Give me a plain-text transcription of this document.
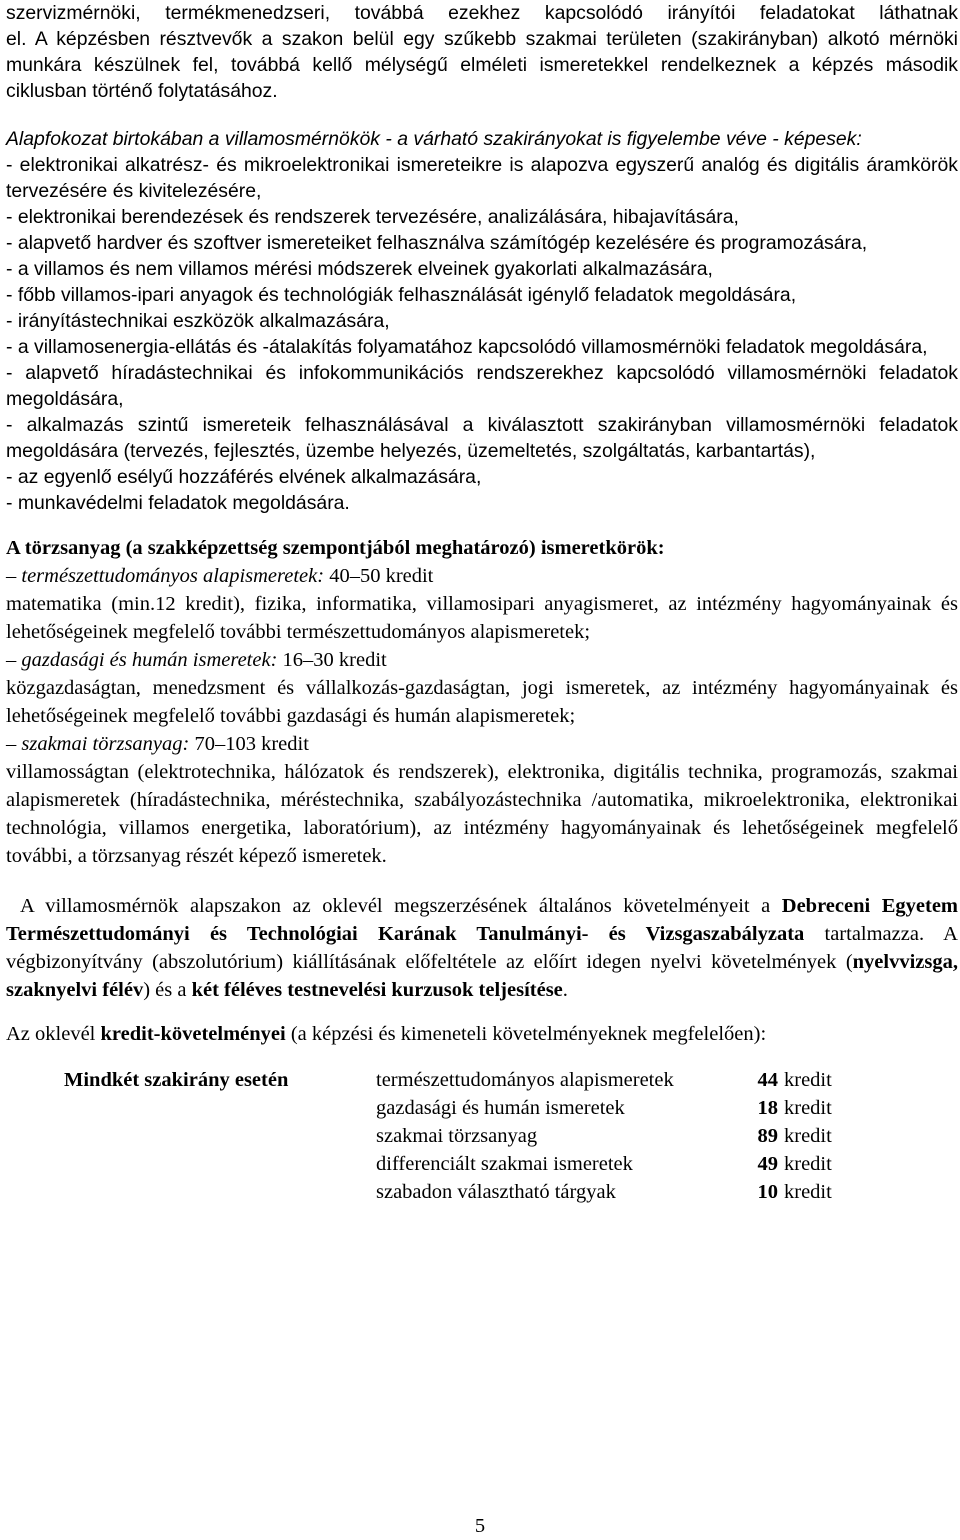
szervizmérnöki, termékmenedzseri, továbbá ezekhez kapcsolódó irányítói feladatokat láthatnak

el. A képzésben résztvevők a szakon belül egy szűkebb szakmai területen (szakirányban) alkotó mérnöki munkára készülnek fel, továbbá kellő mélységű elméleti ismeretekkel rendelkeznek a képzés második ciklusban történő folytatásához.

Alapfokozat birtokában a villamosmérnökök - a várható szakirányokat is figyelembe véve - képesek:

- elektronikai alkatrész- és mikroelektronikai ismereteikre is alapozva egyszerű analóg és digitális áramkörök tervezésére és kivitelezésére,
- elektronikai berendezések és rendszerek tervezésére, analizálására, hibajavítására,
- alapvető hardver és szoftver ismereteiket felhasználva számítógép kezelésére és programozására,
- a villamos és nem villamos mérési módszerek elveinek gyakorlati alkalmazására,
- főbb villamos-ipari anyagok és technológiák felhasználását igénylő feladatok megoldására,
- irányítástechnikai eszközök alkalmazására,
- a villamosenergia-ellátás és -átalakítás folyamatához kapcsolódó villamosmérnöki feladatok megoldására,
- alapvető híradástechnikai és infokommunikációs rendszerekhez kapcsolódó villamosmérnöki feladatok megoldására,
- alkalmazás szintű ismereteik felhasználásával a kiválasztott szakirányban villamosmérnöki feladatok megoldására (tervezés, fejlesztés, üzembe helyezés, üzemeltetés, szolgáltatás, karbantartás),
- az egyenlő esélyű hozzáférés elvének alkalmazására,
- munkavédelmi feladatok megoldására.

A törzsanyag (a szakképzettség szempontjából meghatározó) ismeretkörök:

– természettudományos alapismeretek: 40–50 kredit

matematika (min.12 kredit), fizika, informatika, villamosipari anyagismeret, az intézmény hagyományainak és lehetőségeinek megfelelő további természettudományos alapismeretek;

– gazdasági és humán ismeretek: 16–30 kredit

közgazdaságtan, menedzsment és vállalkozás-gazdaságtan, jogi ismeretek, az intézmény hagyományainak és lehetőségeinek megfelelő további gazdasági és humán alapismeretek;

– szakmai törzsanyag: 70–103 kredit

villamosságtan (elektrotechnika, hálózatok és rendszerek), elektronika, digitális technika, programozás, szakmai alapismeretek (híradástechnika, méréstechnika, szabályozástechnika /automatika, mikroelektronika, elektronikai technológia, villamos energetika, laboratórium), az intézmény hagyományainak és lehetőségeinek megfelelő további, a törzsanyag részét képező ismeretek.

A villamosmérnök alapszakon az oklevél megszerzésének általános követelményeit a Debreceni Egyetem Természettudományi és Technológiai Karának Tanulmányi- és Vizsgaszabályzata tartalmazza. A végbizonyítvány (abszolutórium) kiállításának előfeltétele az előírt idegen nyelvi követelmények (nyelvvizsga, szaknyelvi félév) és a két féléves testnevelési kurzusok teljesítése.

Az oklevél kredit-követelményei (a képzési és kimeneteli követelményeknek megfelelően):

Mindkét szakirány esetén	természettudományos alapismeretek	44 kredit
gazdasági és humán ismeretek	18 kredit
szakmai törzsanyag	89 kredit
differenciált szakmai ismeretek	49 kredit
szabadon választható tárgyak	10 kredit
5
